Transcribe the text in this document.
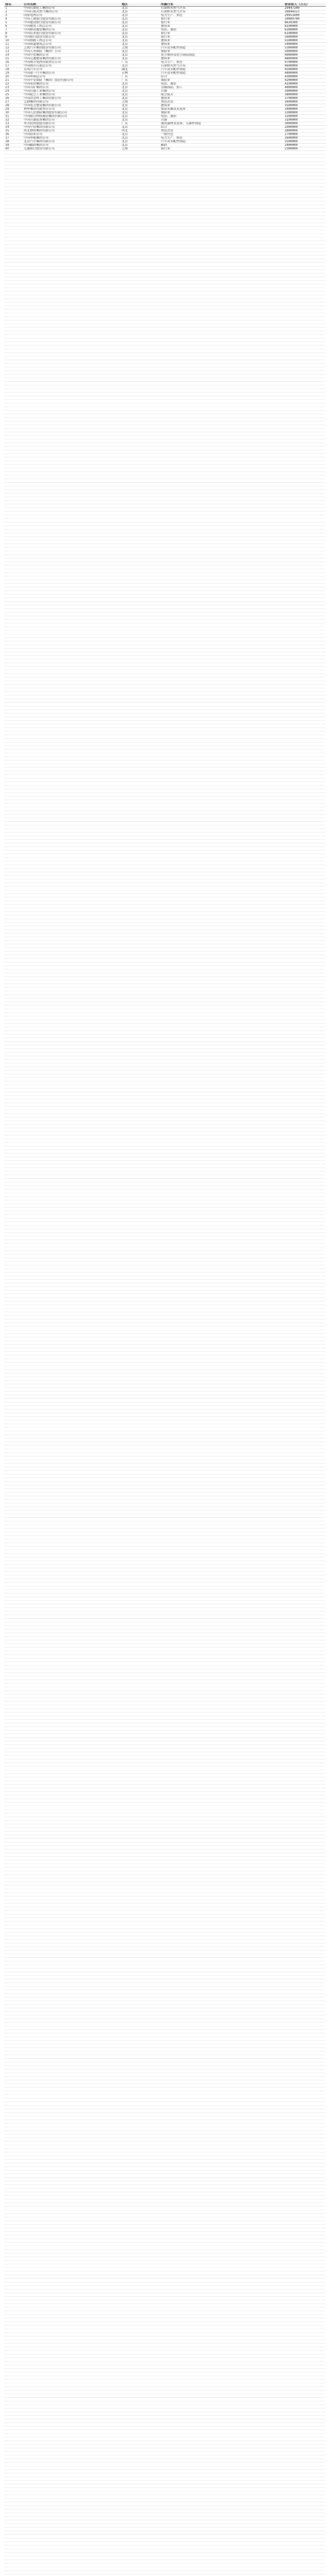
排名	公司名称	地区	所属行业	营业收入（万元）
1	中国石油化工集团公司	北京	石油和天然气开采	29447200
2	中国石油天然气集团公司	北京	石油和天然气开采	26844221
3	国家电网公司	北京	电力生产、供应	20951600
4	中国工商银行股份有限公司	北京	银行业	10009700
5	中国建设银行股份有限公司	北京	银行业	8620300
6	中国建筑工程总公司	北京	建筑业	8100000
7	中国移动通信集团公司	北京	电信、通信	6300000
8	中国农业银行股份有限公司	北京	银行业	6100000
9	中国银行股份有限公司	北京	银行业	5600000
10	中国铁路工程总公司	北京	建筑业	5500000
11	中国铁道建筑总公司	北京	建筑业	5400000
12	上海汽车集团股份有限公司	上海	汽车及零配件制造	5300000
13	中国人寿保险（集团）公司	北京	保险业	5000000
14	中国中化集团公司	北京	化学原料及化学制品制造	4900000
15	中国交通建设集团有限公司	北京	建筑业	4800000
16	中国南方电网有限责任公司	广东	电力生产、供应	4700000
17	中国海洋石油总公司	北京	石油和天然气开采	4600000
18	东风汽车公司	湖北	汽车及零配件制造	4500000
19	中国第一汽车集团公司	吉林	汽车及零配件制造	4400000
20	中国华润总公司	广东	综合	4300000
21	中国平安保险（集团）股份有限公司	广东	保险业	4200000
22	中国电信集团公司	北京	电信、通信	4100000
23	中国五矿集团公司	北京	金属制品、加工	4000000
24	中国兵器工业集团公司	北京	兵器	3900000
25	中国航空工业集团公司	北京	航空航天	3800000
26	中国冶金科工集团有限公司	北京	建筑业	3700000
27	宝钢集团有限公司	上海	黑色冶金	3600000
28	中国电力建设集团有限公司	北京	建筑业	3500000
29	神华集团有限责任公司	北京	煤炭采掘及采选业	3400000
30	中国人民保险集团股份有限公司	北京	保险业	3300000
31	中国联合网络通信集团有限公司	北京	电信、通信	3200000
32	中国兵器装备集团公司	北京	兵器	3100000
33	华为投资控股有限公司	广东	通讯器材及设备、元器件制造	3000000
34	中国中信集团有限公司	北京	综合	2900000
35	河北钢铁集团有限公司	河北	黑色冶金	2800000
36	中国铝业公司	北京	一般有色	2700000
37	中国华能集团公司	北京	电力生产、供应	2600000
38	北京汽车集团有限公司	北京	汽车及零配件制造	2500000
39	中国邮政集团公司	北京	邮政	2400000
40	交通银行股份有限公司	上海	银行业	2300000
